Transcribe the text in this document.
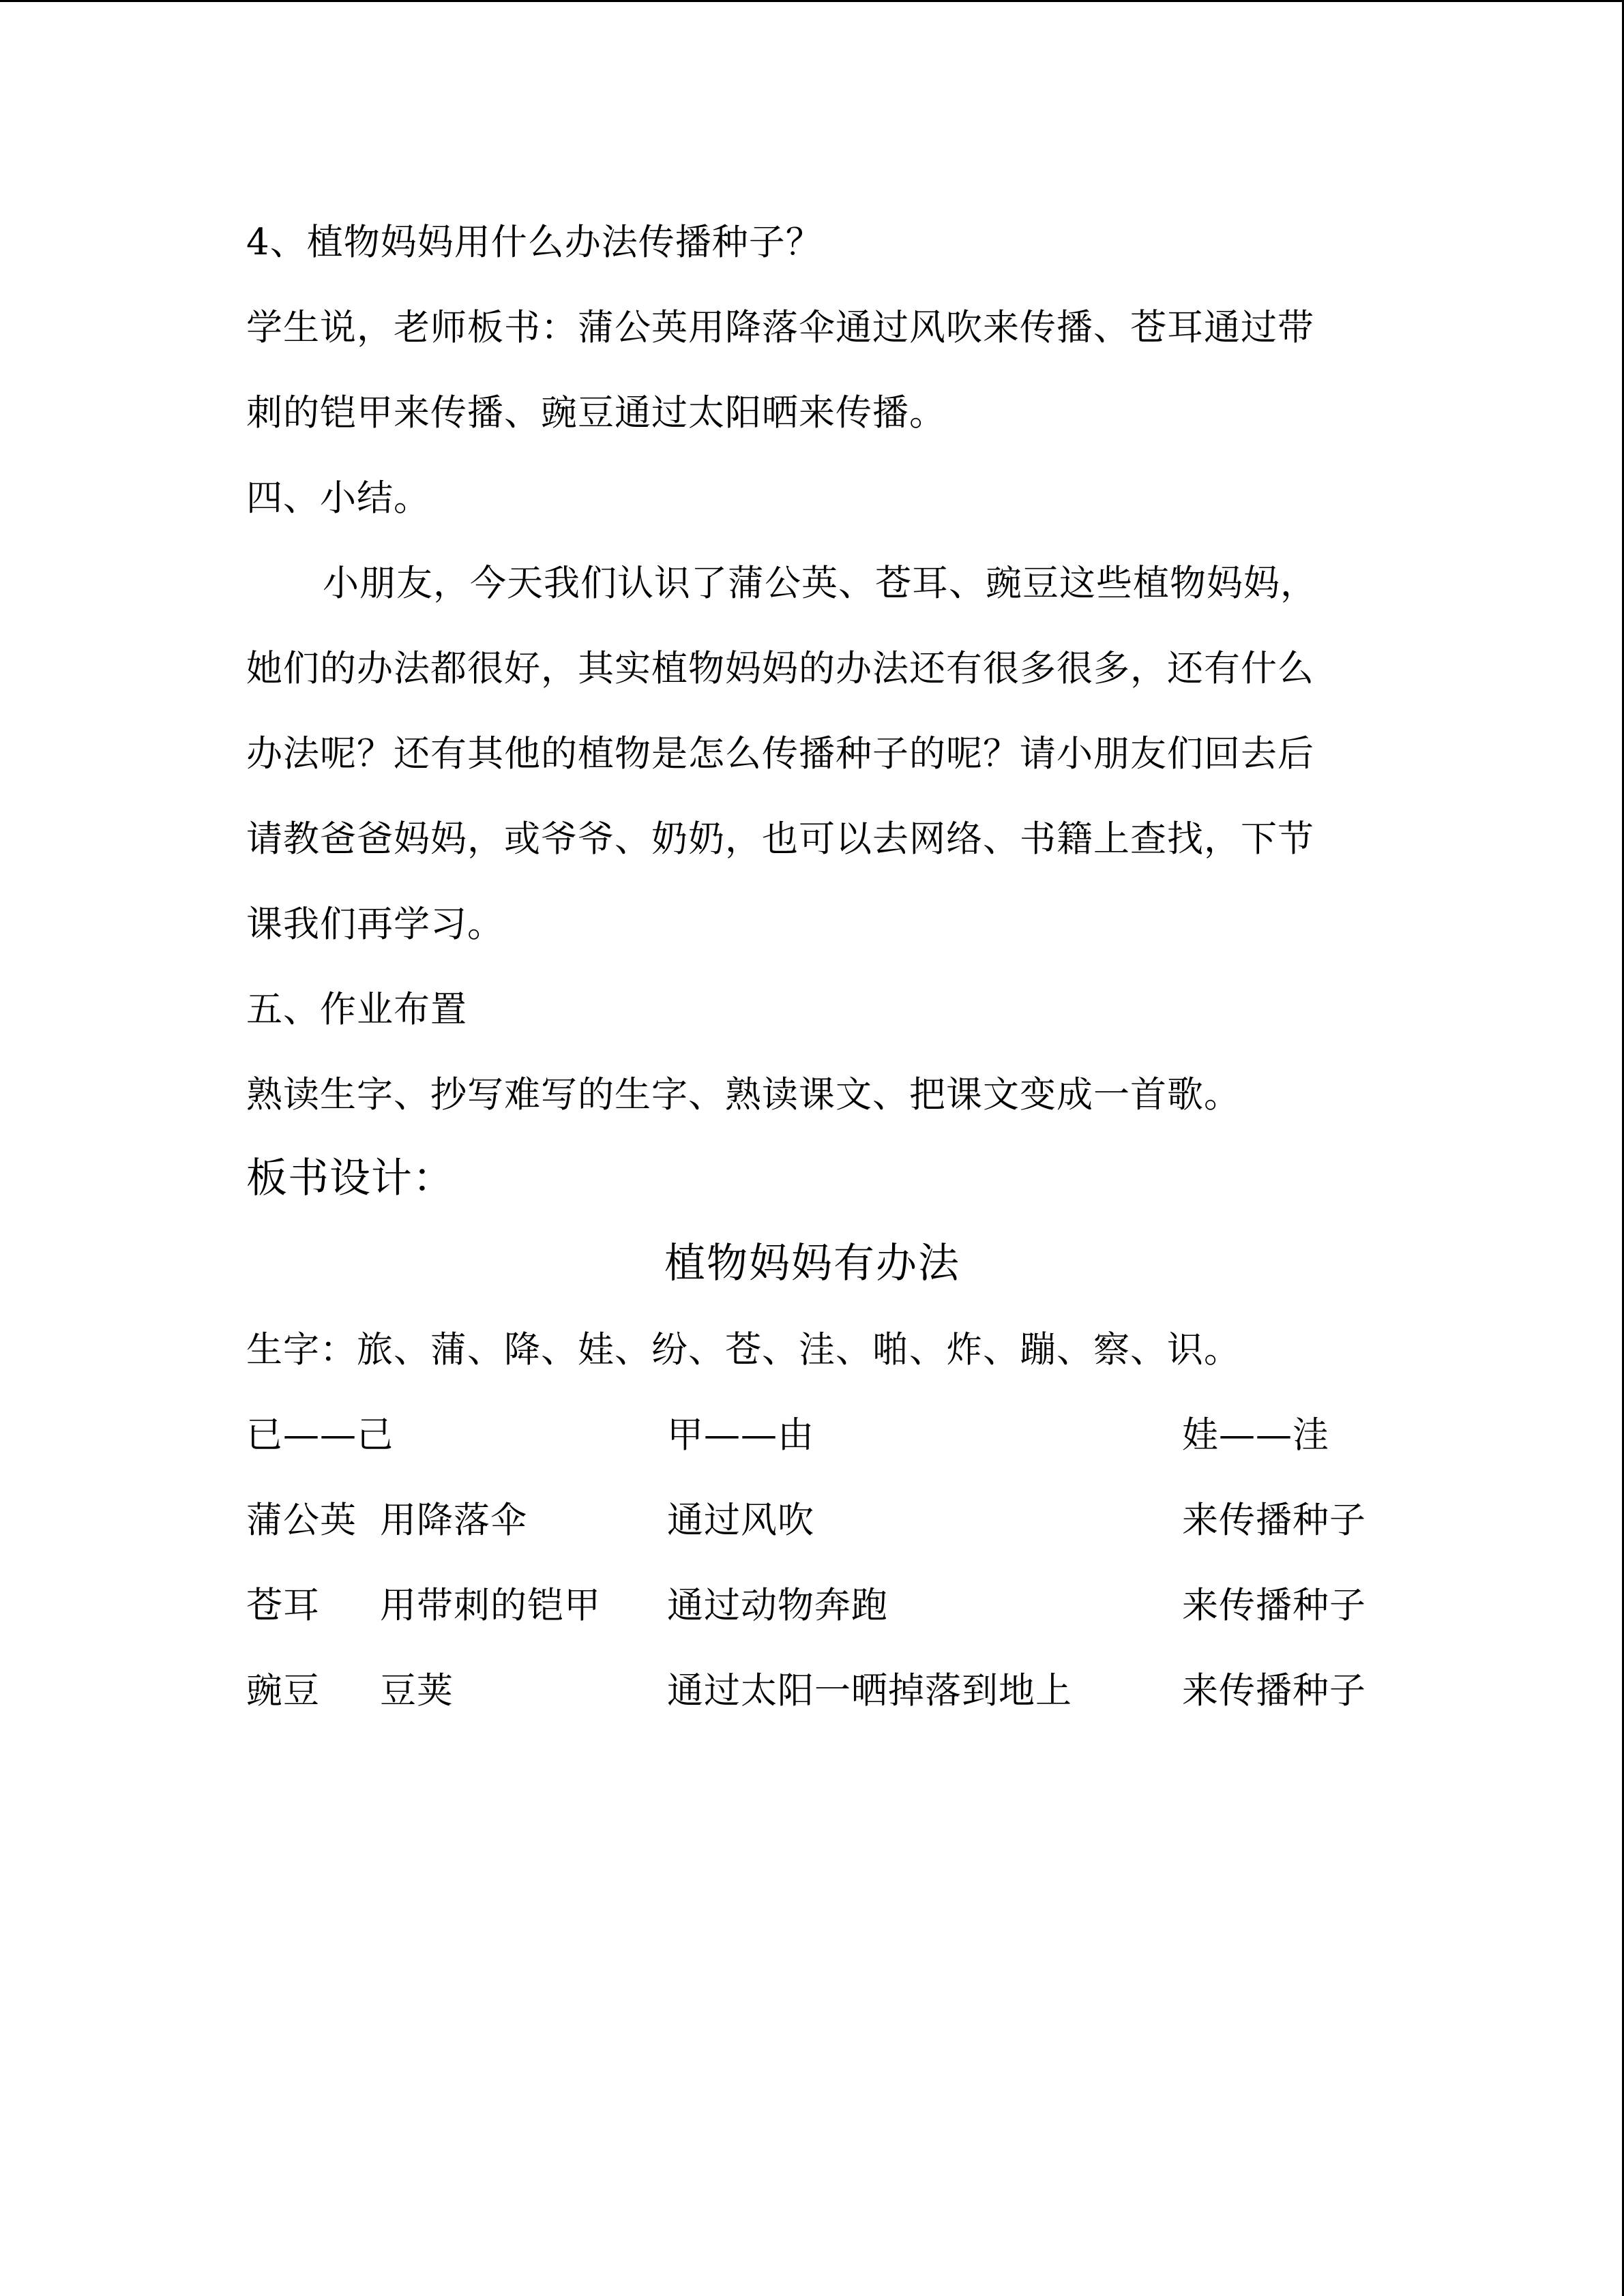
4、植物妈妈用什么办法传播种子？
学生说，老师板书：蒲公英用降落伞通过风吹来传播、苍耳通过带
刺的铠甲来传播、豌豆通过太阳晒来传播。
四、小结。
小朋友，今天我们认识了蒲公英、苍耳、豌豆这些植物妈妈，
她们的办法都很好，其实植物妈妈的办法还有很多很多，还有什么
办法呢？还有其他的植物是怎么传播种子的呢？请小朋友们回去后
请教爸爸妈妈，或爷爷、奶奶，也可以去网络、书籍上查找，下节
课我们再学习。
五、作业布置
熟读生字、抄写难写的生字、熟读课文、把课文变成一首歌。
板书设计：
植物妈妈有办法
生字：旅、蒲、降、娃、纷、苍、洼、啪、炸、蹦、察、识。
已——己	甲——由	娃——洼
蒲公英 用降落伞	通过风吹	来传播种子
苍耳 用带刺的铠甲 通过动物奔跑	来传播种子
豌豆 豆荚	通过太阳一晒掉落到地上	来传播种子
